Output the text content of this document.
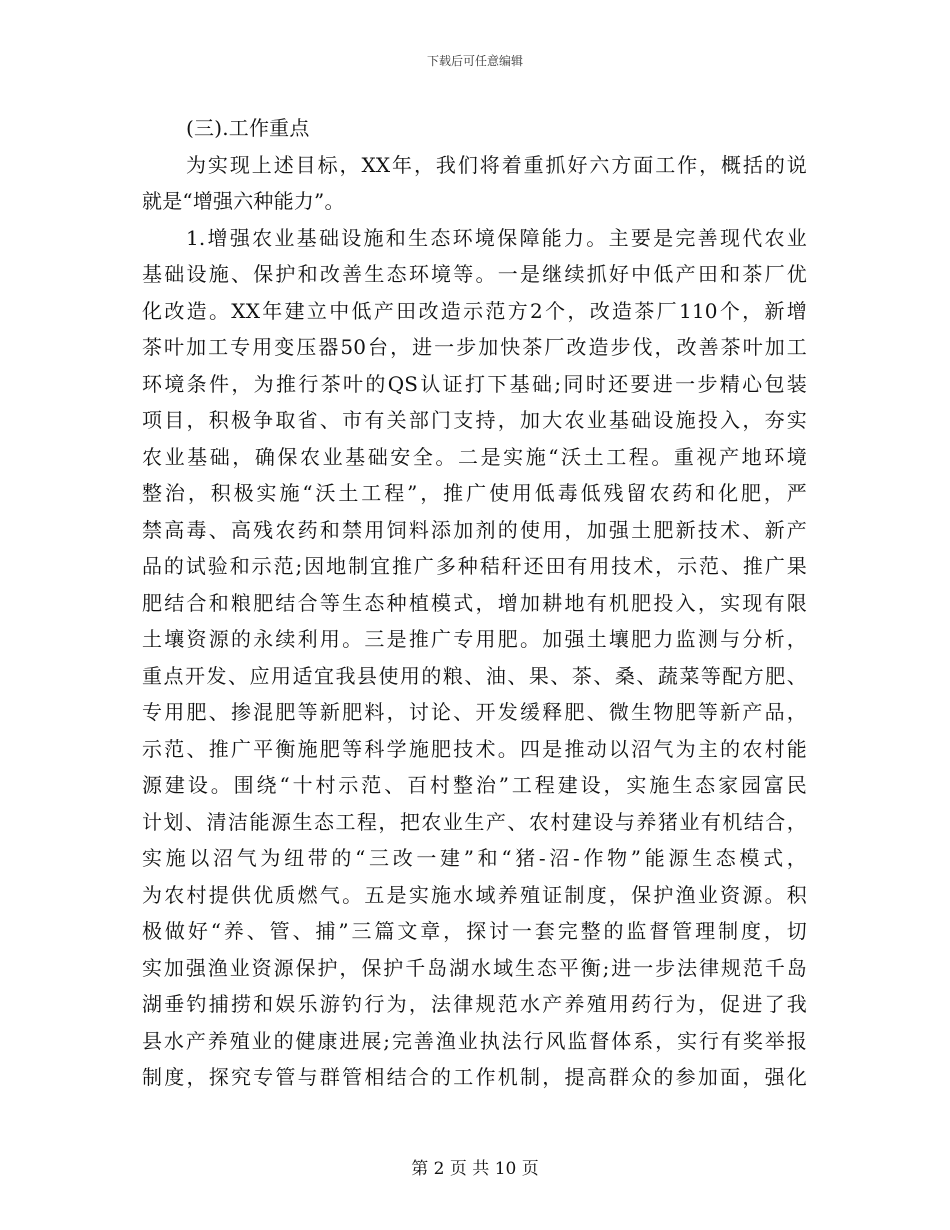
下载后可任意编辑
(三).工作重点
为实现上述目标，XX年，我们将着重抓好六方面工作，概括的说
就是“增强六种能力”。
1.增强农业基础设施和生态环境保障能力。主要是完善现代农业
基础设施、保护和改善生态环境等。一是继续抓好中低产田和茶厂优
化改造。XX年建立中低产田改造示范方2个，改造茶厂110个，新增
茶叶加工专用变压器50台，进一步加快茶厂改造步伐，改善茶叶加工
环境条件，为推行茶叶的QS认证打下基础;同时还要进一步精心包装
项目，积极争取省、市有关部门支持，加大农业基础设施投入，夯实
农业基础，确保农业基础安全。二是实施“沃土工程。重视产地环境
整治，积极实施“沃土工程”，推广使用低毒低残留农药和化肥，严
禁高毒、高残农药和禁用饲料添加剂的使用，加强土肥新技术、新产
品的试验和示范;因地制宜推广多种秸秆还田有用技术，示范、推广果
肥结合和粮肥结合等生态种植模式，增加耕地有机肥投入，实现有限
土壤资源的永续利用。三是推广专用肥。加强土壤肥力监测与分析，
重点开发、应用适宜我县使用的粮、油、果、茶、桑、蔬菜等配方肥、
专用肥、掺混肥等新肥料，讨论、开发缓释肥、微生物肥等新产品，
示范、推广平衡施肥等科学施肥技术。四是推动以沼气为主的农村能
源建设。围绕“十村示范、百村整治”工程建设，实施生态家园富民
计划、清洁能源生态工程，把农业生产、农村建设与养猪业有机结合，
实施以沼气为纽带的“三改一建”和“猪-沼-作物”能源生态模式，
为农村提供优质燃气。五是实施水域养殖证制度，保护渔业资源。积
极做好“养、管、捕”三篇文章，探讨一套完整的监督管理制度，切
实加强渔业资源保护，保护千岛湖水域生态平衡;进一步法律规范千岛
湖垂钓捕捞和娱乐游钓行为，法律规范水产养殖用药行为，促进了我
县水产养殖业的健康进展;完善渔业执法行风监督体系，实行有奖举报
制度，探究专管与群管相结合的工作机制，提高群众的参加面，强化
第 2 页 共 10 页
